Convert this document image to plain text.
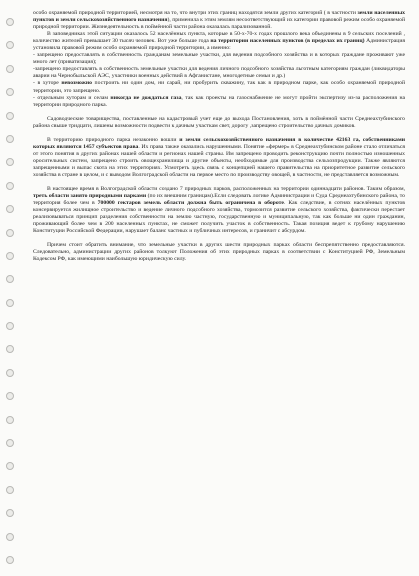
особо охраняемой природной территорией, несмотря на то, что внутри этих границ находятся земли других категорий ( в частности земли населенных пунктов и земли сельскохозяйственного назначения), применила к этим землям несоответствующий их категории правовой режим особо охраняемой природной территории. Жизнедеятельность в поймённой части района оказалась парализованной.

В заповедниках этой ситуации оказалось 52 населённых пункта, которые в 50-х-70-х годах прошлого века объединены в 9 сельских поселений , количество жителей превышает 30 тысяч человек. Вот уже больше года на территории населенных пунктов (в пределах их границ) Администрация установила правовой режим особо охраняемой природной территории, а именно:

- запрещено предоставлять в собственность гражданам земельные участки, для ведения подсобного хозяйства и в которых граждане проживают уже много лет (приватизация);

-запрещено предоставлять в собственность земельные участки для ведения личного подсобного хозяйства льготным категориям граждан (ликвидаторы аварии на Чернобыльской АЭС, участники военных действий в Афганистане, многодетные семьи и др.)

- в хуторе невозможно построить ни один дом, ни сарай, ни пробурить скважину, так как в природном парке, как особо охраняемой природной территории, это запрещено.

- отдельным хуторам и селам никогда не дождаться газа, так как проекты на газоснабжение не могут пройти экспертизу из-за расположения на территории природного парка.

Садоводческие товарищества, поставленные на кадастровый учет еще до выхода Постановления, хоть в поймённой части Среднеахтубинского района свыше тридцати, лишены возможности подвести к дачным участкам свет, дорогу ,запрещено строительство дачных домиков.

В территорию природного парка незаконно вошли и земли сельскохозяйственного назначения в количестве 42163 га, собственниками которых являются 1457 субъектов права. Их права также оказались нарушенными. Понятие «фермер» в Среднеахтубинском районе стало отличаться от этого понятия в других районах нашей области и регионах нашей страны. Им запрещено проводить реконструкцию почти полностью изношенных оросительных систем, запрещено строить овощехранилища и другие объекты, необходимые для производства сельхозпродукции. Также являются запрещенными и выпас скота на этих территориях. Усмотреть здесь связь с концепцией нашего правительства на приоритетное развитие сельского хозяйства в стране в целом, и с выводом Волгоградской области на первое место по производству овощей, в частности, не представляется возможным.

В настоящее время в Волгоградской области создано 7 природных парков, расположенных на территории одиннадцати районов. Таким образом, треть области занято природными парками (по их внешним границам).Если следовать логике Администрации и Суда Среднеахтубинского района, то территория более чем в 700000 гектаров земель области должна быть ограничена в обороте. Как следствие, в сотнях населённых пунктов консервируется жилищное строительство и ведение личного подсобного хозяйства, тормозится развитие сельского хозяйства, фактически перестает реализовываться принцип разделения собственности на землю частную, государственную и муниципальную, так как больше ни один гражданин, проживающий более чем в 200 населенных пунктах, не сможет получить участок в собственность. Такая позиция ведет к грубому нарушению Конституции Российской Федерации, нарушает баланс частных и публичных интересов, и граничит с абсурдом.

Причем стоит обратить внимание, что земельные участки в других шести природных парках области беспрепятственно предоставляются. Следовательно, администрации других районов толкуют Положения об этих природных парках в соответствии с Конституцией РФ, Земельным Кодексом РФ, как имеющими наибольшую юридическую силу.
